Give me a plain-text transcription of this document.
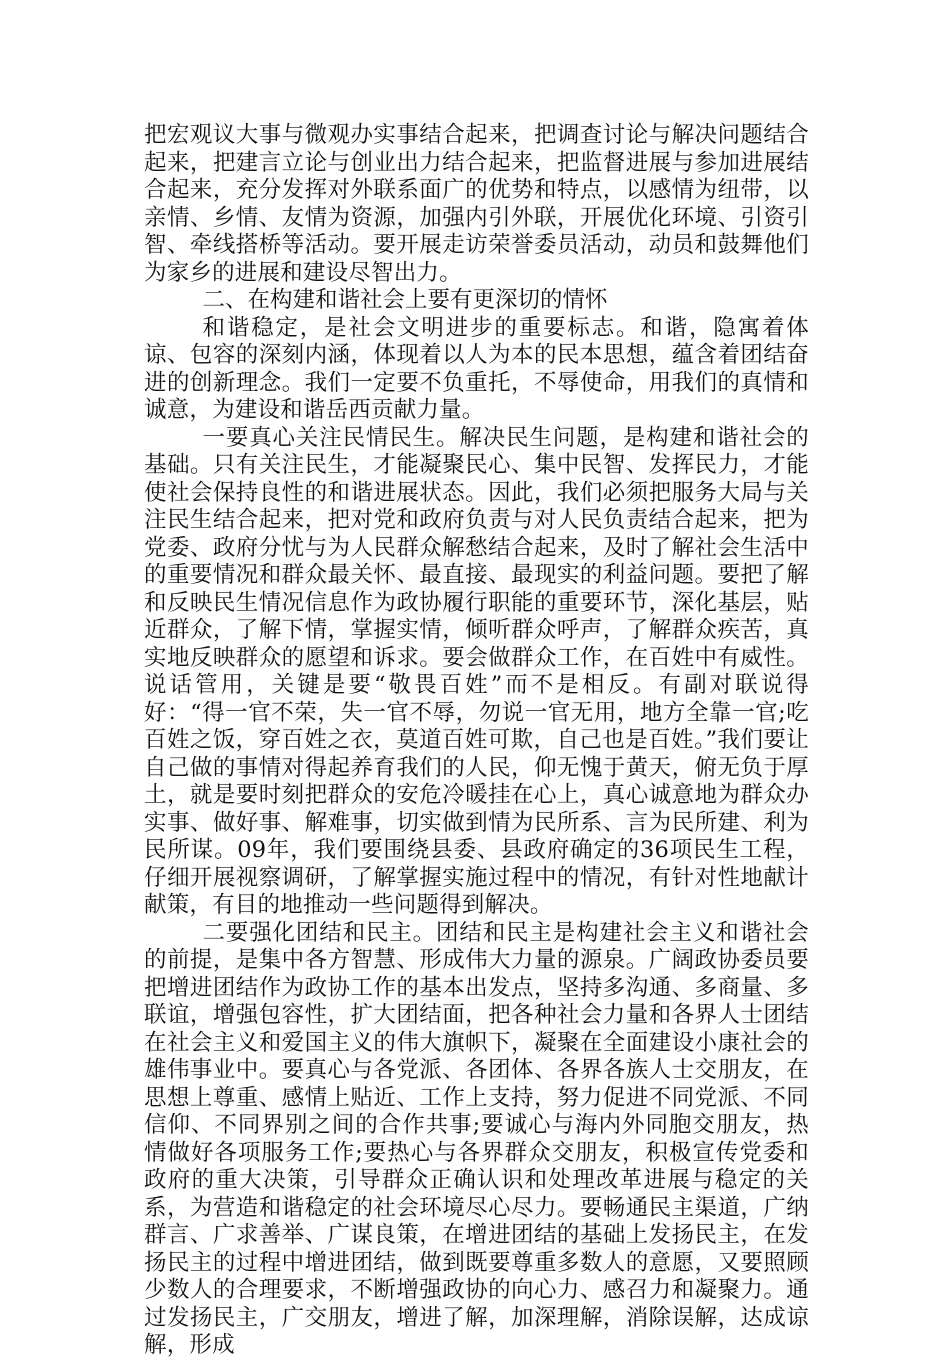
把宏观议大事与微观办实事结合起来，把调查讨论与解决问题结合起来，把建言立论与创业出力结合起来，把监督进展与参加进展结合起来，充分发挥对外联系面广的优势和特点，以感情为纽带，以亲情、乡情、友情为资源，加强内引外联，开展优化环境、引资引智、牵线搭桥等活动。要开展走访荣誉委员活动，动员和鼓舞他们为家乡的进展和建设尽智出力。

二、在构建和谐社会上要有更深切的情怀

和谐稳定，是社会文明进步的重要标志。和谐，隐寓着体谅、包容的深刻内涵，体现着以人为本的民本思想，蕴含着团结奋进的创新理念。我们一定要不负重托，不辱使命，用我们的真情和诚意，为建设和谐岳西贡献力量。

一要真心关注民情民生。解决民生问题，是构建和谐社会的基础。只有关注民生，才能凝聚民心、集中民智、发挥民力，才能使社会保持良性的和谐进展状态。因此，我们必须把服务大局与关注民生结合起来，把对党和政府负责与对人民负责结合起来，把为党委、政府分忧与为人民群众解愁结合起来，及时了解社会生活中的重要情况和群众最关怀、最直接、最现实的利益问题。要把了解和反映民生情况信息作为政协履行职能的重要环节，深化基层，贴近群众，了解下情，掌握实情，倾听群众呼声，了解群众疾苦，真实地反映群众的愿望和诉求。要会做群众工作，在百姓中有威性。说话管用，关键是要“敬畏百姓”而不是相反。有副对联说得好：“得一官不荣，失一官不辱，勿说一官无用，地方全靠一官;吃百姓之饭，穿百姓之衣，莫道百姓可欺，自己也是百姓。”我们要让自己做的事情对得起养育我们的人民，仰无愧于黄天，俯无负于厚土，就是要时刻把群众的安危冷暖挂在心上，真心诚意地为群众办实事、做好事、解难事，切实做到情为民所系、言为民所建、利为民所谋。09年，我们要围绕县委、县政府确定的36项民生工程，仔细开展视察调研，了解掌握实施过程中的情况，有针对性地献计献策，有目的地推动一些问题得到解决。

二要强化团结和民主。团结和民主是构建社会主义和谐社会的前提，是集中各方智慧、形成伟大力量的源泉。广阔政协委员要把增进团结作为政协工作的基本出发点，坚持多沟通、多商量、多联谊，增强包容性，扩大团结面，把各种社会力量和各界人士团结在社会主义和爱国主义的伟大旗帜下，凝聚在全面建设小康社会的雄伟事业中。要真心与各党派、各团体、各界各族人士交朋友，在思想上尊重、感情上贴近、工作上支持，努力促进不同党派、不同信仰、不同界别之间的合作共事;要诚心与海内外同胞交朋友，热情做好各项服务工作;要热心与各界群众交朋友，积极宣传党委和政府的重大决策，引导群众正确认识和处理改革进展与稳定的关系，为营造和谐稳定的社会环境尽心尽力。要畅通民主渠道，广纳群言、广求善举、广谋良策，在增进团结的基础上发扬民主，在发扬民主的过程中增进团结，做到既要尊重多数人的意愿，又要照顾少数人的合理要求，不断增强政协的向心力、感召力和凝聚力。通过发扬民主，广交朋友，增进了解，加深理解，消除误解，达成谅解，形成
